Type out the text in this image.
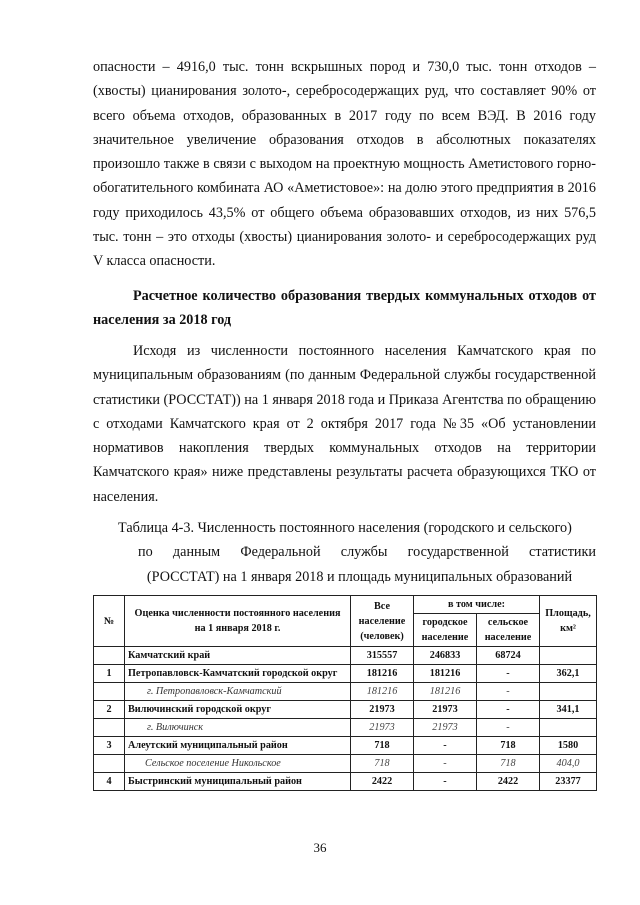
опасности – 4916,0 тыс. тонн вскрышных пород и 730,0 тыс. тонн отходов – (хвосты) цианирования золото-, серебросодержащих руд, что составляет 90% от всего объема отходов, образованных в 2017 году по всем ВЭД. В 2016 году значительное увеличение образования отходов в абсолютных показателях произошло также в связи с выходом на проектную мощность Аметистового горно-обогатительного комбината АО «Аметистовое»: на долю этого предприятия в 2016 году приходилось 43,5% от общего объема образовавших отходов, из них 576,5 тыс. тонн – это отходы (хвосты) цианирования золото- и серебросодержащих руд V класса опасности.
Расчетное количество образования твердых коммунальных отходов от населения за 2018 год
Исходя из численности постоянного населения Камчатского края по муниципальным образованиям (по данным Федеральной службы государственной статистики (РОССТАТ)) на 1 января 2018 года и Приказа Агентства по обращению с отходами Камчатского края от 2 октября 2017 года №35 «Об установлении нормативов накопления твердых коммунальных отходов на территории Камчатского края» ниже представлены результаты расчета образующихся ТКО от населения.
Таблица 4-3. Численность постоянного населения (городского и сельского)
по данным Федеральной службы государственной статистики
(РОССТАТ) на 1 января 2018 и площадь муниципальных образований
№	Оценка численности постоянного населения на 1 января 2018 г.	Все население (человек)	в том числе:		Площадь, км²
			городское население	сельское население	
	Камчатский край	315557	246833	68724	
1	Петропавловск-Камчатский городской округ	181216	181216	-	362,1
	г. Петропавловск-Камчатский	181216	181216	-	
2	Вилючинский городской округ	21973	21973	-	341,1
	г. Вилючинск	21973	21973	-	
3	Алеутский муниципальный район	718	-	718	1580
	Сельское поселение Никольское	718	-	718	404,0
4	Быстринский муниципальный район	2422	-	2422	23377
36
